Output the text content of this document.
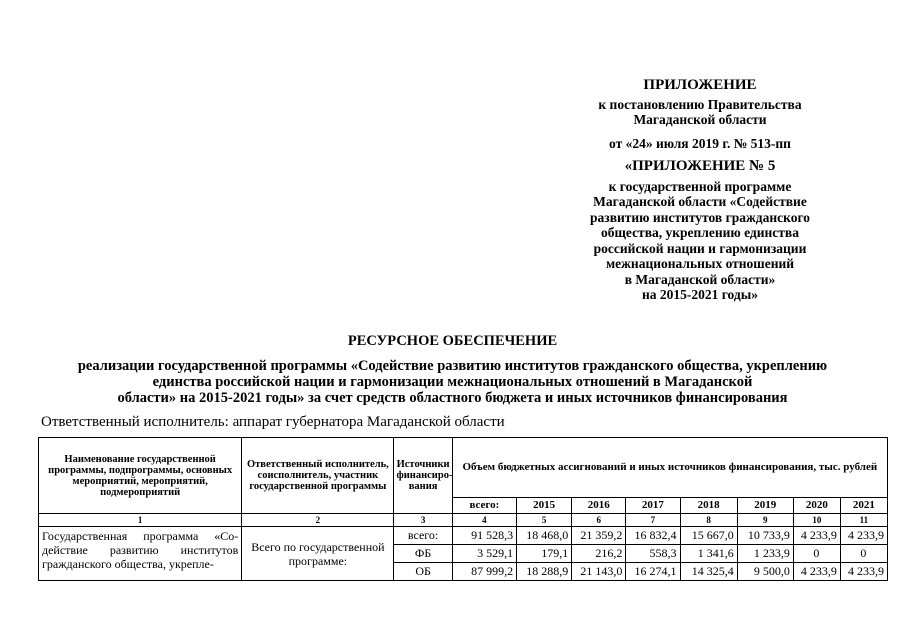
ПРИЛОЖЕНИЕ
к постановлению Правительства
Магаданской области
от «24» июля 2019 г. № 513-пп
«ПРИЛОЖЕНИЕ № 5
к государственной программе
Магаданской области «Содействие
развитию институтов гражданского
общества, укреплению единства
российской нации и гармонизации
межнациональных отношений
в Магаданской области»
на 2015-2021 годы»
РЕСУРСНОЕ ОБЕСПЕЧЕНИЕ
реализации государственной программы «Содействие развитию институтов гражданского общества, укреплению
единства российской нации и гармонизации межнациональных отношений в Магаданской
области» на 2015-2021 годы» за счет средств областного бюджета и иных источников финансирования
Ответственный исполнитель: аппарат губернатора Магаданской области
Наименование государственной программы, подпрограммы, основных мероприятий, мероприятий, подмероприятий	Ответственный исполнитель, соисполнитель, участник государственной программы	Источники финансиро-вания	Объем бюджетных ассигнований и иных источников финансирования, тыс. рублей							
			всего:	2015	2016	2017	2018	2019	2020	2021
1	2	3	4	5	6	7	8	9	10	11
Государственная программа «Со-действие развитию институтов гражданского общества, укрепле-	Всего по государственной программе:	всего:	91 528,3	18 468,0	21 359,2	16 832,4	15 667,0	10 733,9	4 233,9	4 233,9
		ФБ	3 529,1	179,1	216,2	558,3	1 341,6	1 233,9	0	0
		ОБ	87 999,2	18 288,9	21 143,0	16 274,1	14 325,4	9 500,0	4 233,9	4 233,9
